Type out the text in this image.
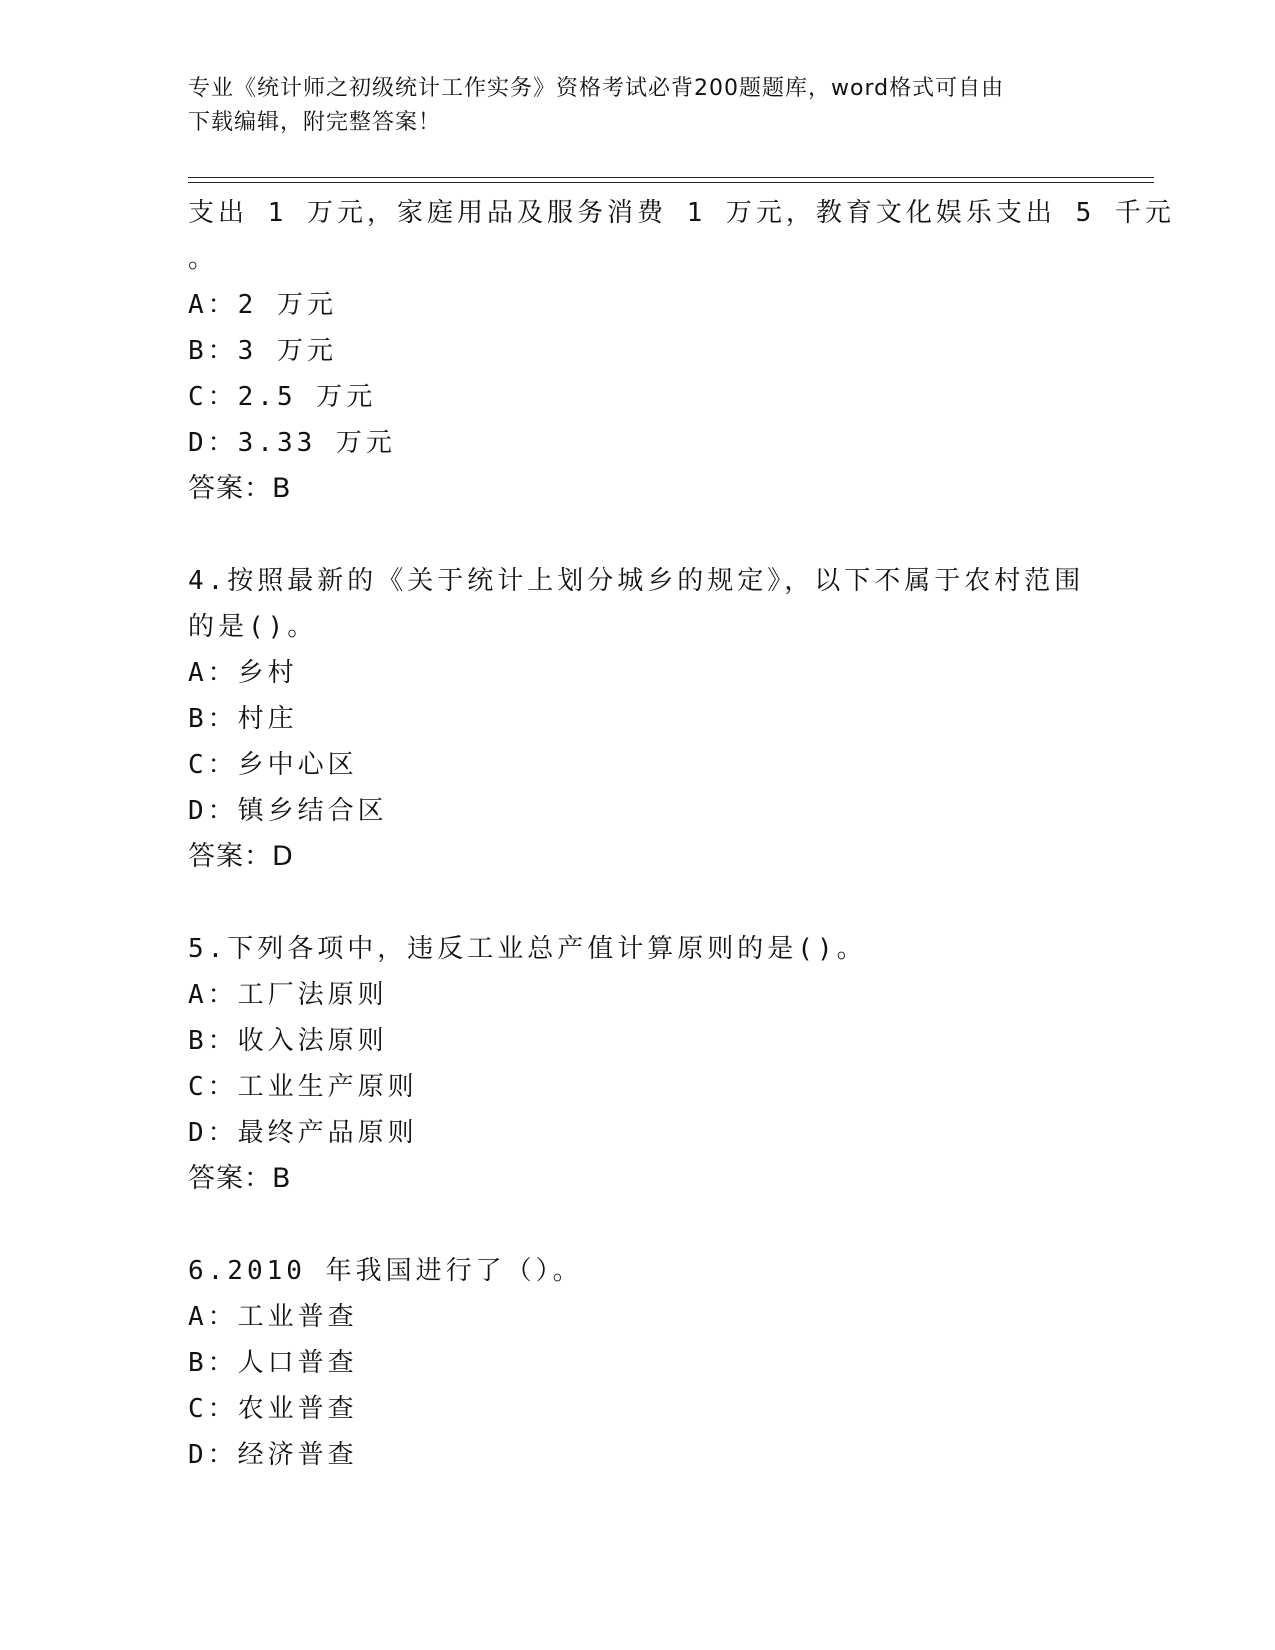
专业《统计师之初级统计工作实务》资格考试必背200题题库，word格式可自由
下载编辑，附完整答案！
支出 1 万元，家庭用品及服务消费 1 万元，教育文化娱乐支出 5 千元
。
A：2 万元
B：3 万元
C：2.5 万元
D：3.33 万元
答案：B
4.按照最新的《关于统计上划分城乡的规定》，以下不属于农村范围
的是()。
A：乡村
B：村庄
C：乡中心区
D：镇乡结合区
答案：D
5.下列各项中，违反工业总产值计算原则的是()。
A：工厂法原则
B：收入法原则
C：工业生产原则
D：最终产品原则
答案：B
6.2010 年我国进行了（）。
A：工业普查
B：人口普查
C：农业普查
D：经济普查
